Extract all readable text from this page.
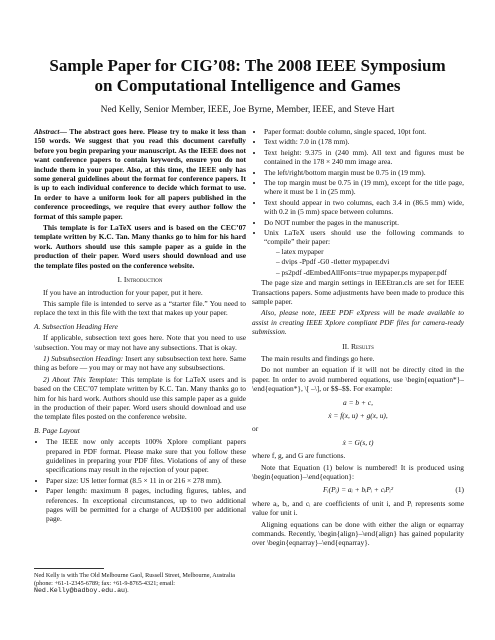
Sample Paper for CIG’08: The 2008 IEEE Symposium on Computational Intelligence and Games
Ned Kelly, Senior Member, IEEE, Joe Byrne, Member, IEEE, and Steve Hart

Abstract— The abstract goes here. Please try to make it less than 150 words. We suggest that you read this document carefully before you begin preparing your manuscript. As the IEEE does not want conference papers to contain keywords, ensure you do not include them in your paper. Also, at this time, the IEEE only has some general guidelines about the format for conference papers. It is up to each individual conference to decide which format to use. In order to have a uniform look for all papers published in the conference proceedings, we require that every author follow the format of this sample paper.

This template is for LaTeX users and is based on the CEC’07 template written by K.C. Tan. Many thanks go to him for his hard work. Authors should use this sample paper as a guide in the production of their paper. Word users should download and use the template files posted on the conference website.

I. Introduction

If you have an introduction for your paper, put it here.

This sample file is intended to serve as a “starter file.” You need to replace the text in this file with the text that makes up your paper.

A. Subsection Heading Here

If applicable, subsection text goes here. Note that you need to use \subsection. You may or may not have any subsections. That is okay.

1) Subsubsection Heading: Insert any subsubsection text here. Same thing as before — you may or may not have any subsubsections.

2) About This Template: This template is for LaTeX users and is based on the CEC’07 template written by K.C. Tan. Many thanks go to him for his hard work. Authors should use this sample paper as a guide in the production of their paper. Word users should download and use the template files posted on the conference website.

B. Page Layout
• The IEEE now only accepts 100% Xplore compliant papers prepared in PDF format. Please make sure that you follow these guidelines in preparing your PDF files. Violations of any of these specifications may result in the rejection of your paper.
• Paper size: US letter format (8.5 × 11 in or 216 × 278 mm).
• Paper length: maximum 8 pages, including figures, tables, and references. In exceptional circumstances, up to two additional pages will be permitted for a charge of AUD$100 per additional page.
Ned Kelly is with The Old Melbourne Gaol, Russell Street, Melbourne, Australia (phone: +61-1-2345-6789; fax: +61-9-8765-4321; email: Ned.Kelly@badboy.edu.au).
• Paper format: double column, single spaced, 10pt font.
• Text width: 7.0 in (178 mm).
• Text height: 9.375 in (240 mm). All text and figures must be contained in the 178 × 240 mm image area.
• The left/right/bottom margin must be 0.75 in (19 mm).
• The top margin must be 0.75 in (19 mm), except for the title page, where it must be 1 in (25 mm).
• Text should appear in two columns, each 3.4 in (86.5 mm) wide, with 0.2 in (5 mm) space between columns.
• Do NOT number the pages in the manuscript.
• Unix LaTeX users should use the following commands to “compile” their paper:
– latex mypaper
– dvips -Ppdf -G0 -tletter mypaper.dvi
– ps2pdf -dEmbedAllFonts=true mypaper.ps mypaper.pdf

The page size and margin settings in IEEEtran.cls are set for IEEE Transactions papers. Some adjustments have been made to produce this sample paper.

Also, please note, IEEE PDF eXpress will be made available to assist in creating IEEE Xplore compliant PDF files for camera-ready submission.

II. Results

The main results and findings go here.

Do not number an equation if it will not be directly cited in the paper. In order to avoid numbered equations, use \begin{equation*}–\end{equation*}, \[ –\], or $$–$$. For example:

a = b + c,
ẋ = f(x, u) + g(x, u),

or

ẋ = G(s, t)

where f, g, and G are functions.

Note that Equation (1) below is numbered! It is produced using \begin{equation}–\end{equation}:

Fᵢ(Pᵢ) = aᵢ + bᵢPᵢ + cᵢPᵢ²	(1)

where aᵢ, bᵢ, and cᵢ are coefficients of unit i, and Pᵢ represents some value for unit i.

Aligning equations can be done with either the align or eqnarray commands. Recently, \begin{align}–\end{align} has gained popularity over \begin{eqnarray}–\end{eqnarray}.
